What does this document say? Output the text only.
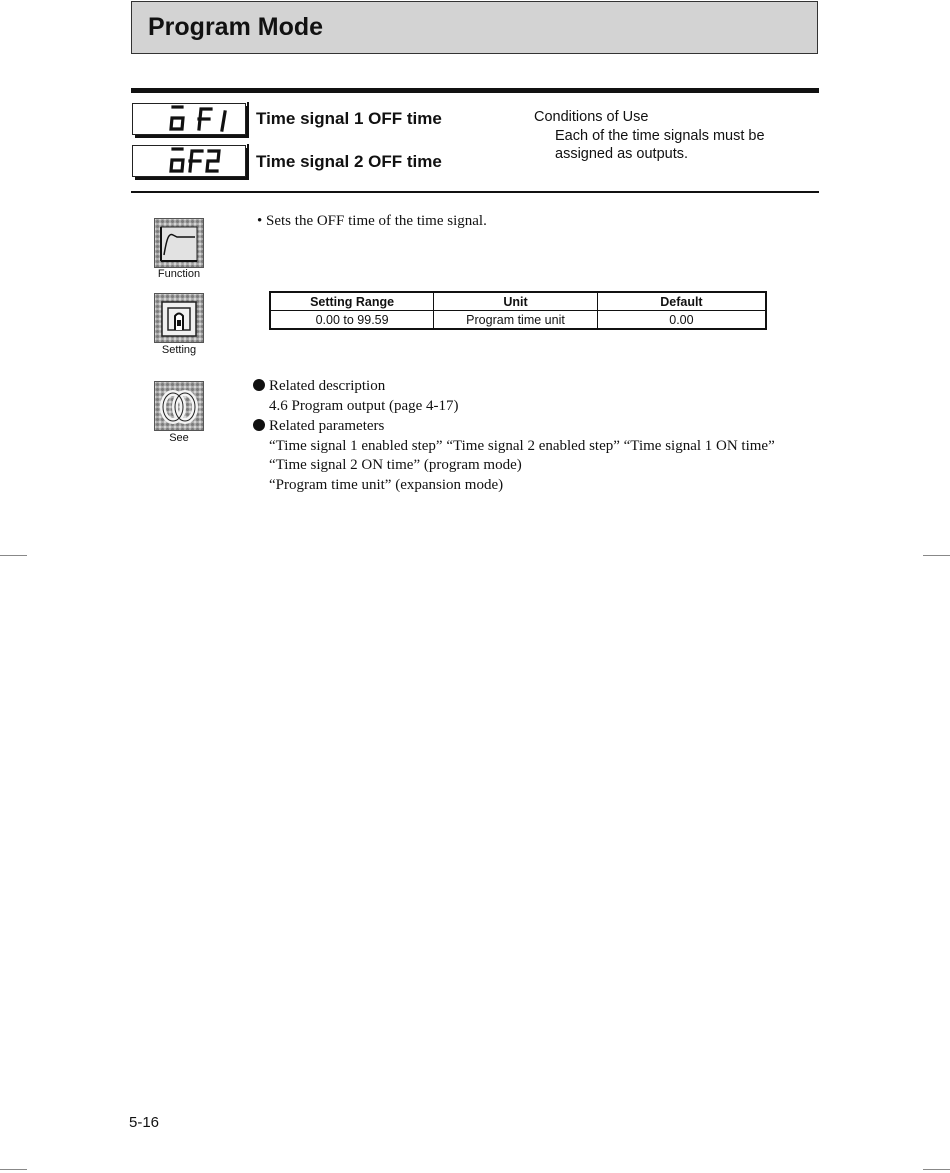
Program Mode
Time signal 1 OFF time
Time signal 2 OFF time
Conditions of Use
Each of the time signals must be assigned as outputs.
Function
• Sets the OFF time of the time signal.
Setting
Setting Range	Unit	Default
0.00 to 99.59	Program time unit	0.00
See
Related description
4.6 Program output (page 4-17)
Related parameters
“Time signal 1 enabled step” “Time signal 2 enabled step” “Time signal 1 ON time” “Time signal 2 ON time” (program mode)
“Program time unit” (expansion mode)
5-16
